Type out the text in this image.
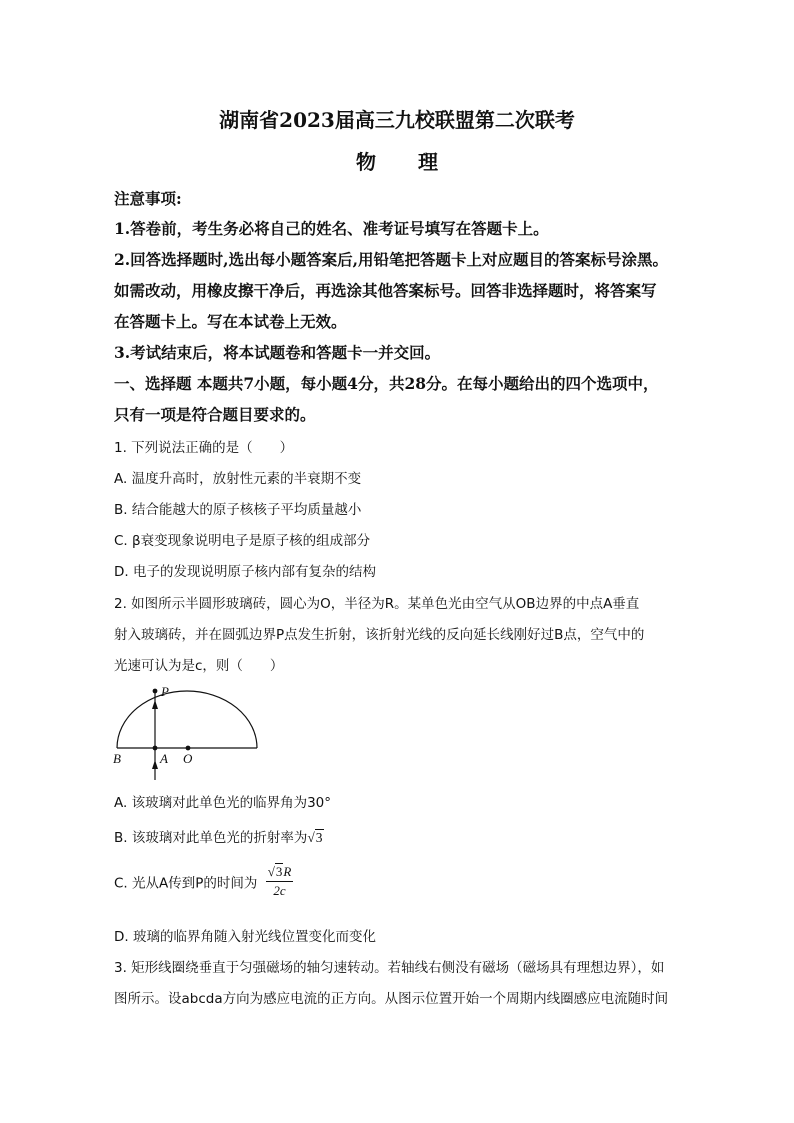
湖南省2023届高三九校联盟第二次联考
物 理
注意事项:
1.答卷前，考生务必将自己的姓名、准考证号填写在答题卡上。
2.回答选择题时,选出每小题答案后,用铅笔把答题卡上对应题目的答案标号涂黑。
如需改动，用橡皮擦干净后，再选涂其他答案标号。回答非选择题时，将答案写
在答题卡上。写在本试卷上无效。
3.考试结束后，将本试题卷和答题卡一并交回。
一、选择题 本题共7小题，每小题4分，共28分。在每小题给出的四个选项中，
只有一项是符合题目要求的。
1. 下列说法正确的是（　　）
A. 温度升高时，放射性元素的半衰期不变
B. 结合能越大的原子核核子平均质量越小
C. β衰变现象说明电子是原子核的组成部分
D. 电子的发现说明原子核内部有复杂的结构
2. 如图所示半圆形玻璃砖，圆心为O，半径为R。某单色光由空气从OB边界的中点A垂直
射入玻璃砖，并在圆弧边界P点发生折射，该折射光线的反向延长线刚好过B点，空气中的
光速可认为是c，则（　　）
P
B	A O
A. 该玻璃对此单色光的临界角为30°
B. 该玻璃对此单色光的折射率为√3
C. 光从A传到P的时间为 $\frac{√3R}{2c}$
D. 玻璃的临界角随入射光线位置变化而变化
3. 矩形线圈绕垂直于匀强磁场的轴匀速转动。若轴线右侧没有磁场（磁场具有理想边界），如
图所示。设abcda方向为感应电流的正方向。从图示位置开始一个周期内线圈感应电流随时间
